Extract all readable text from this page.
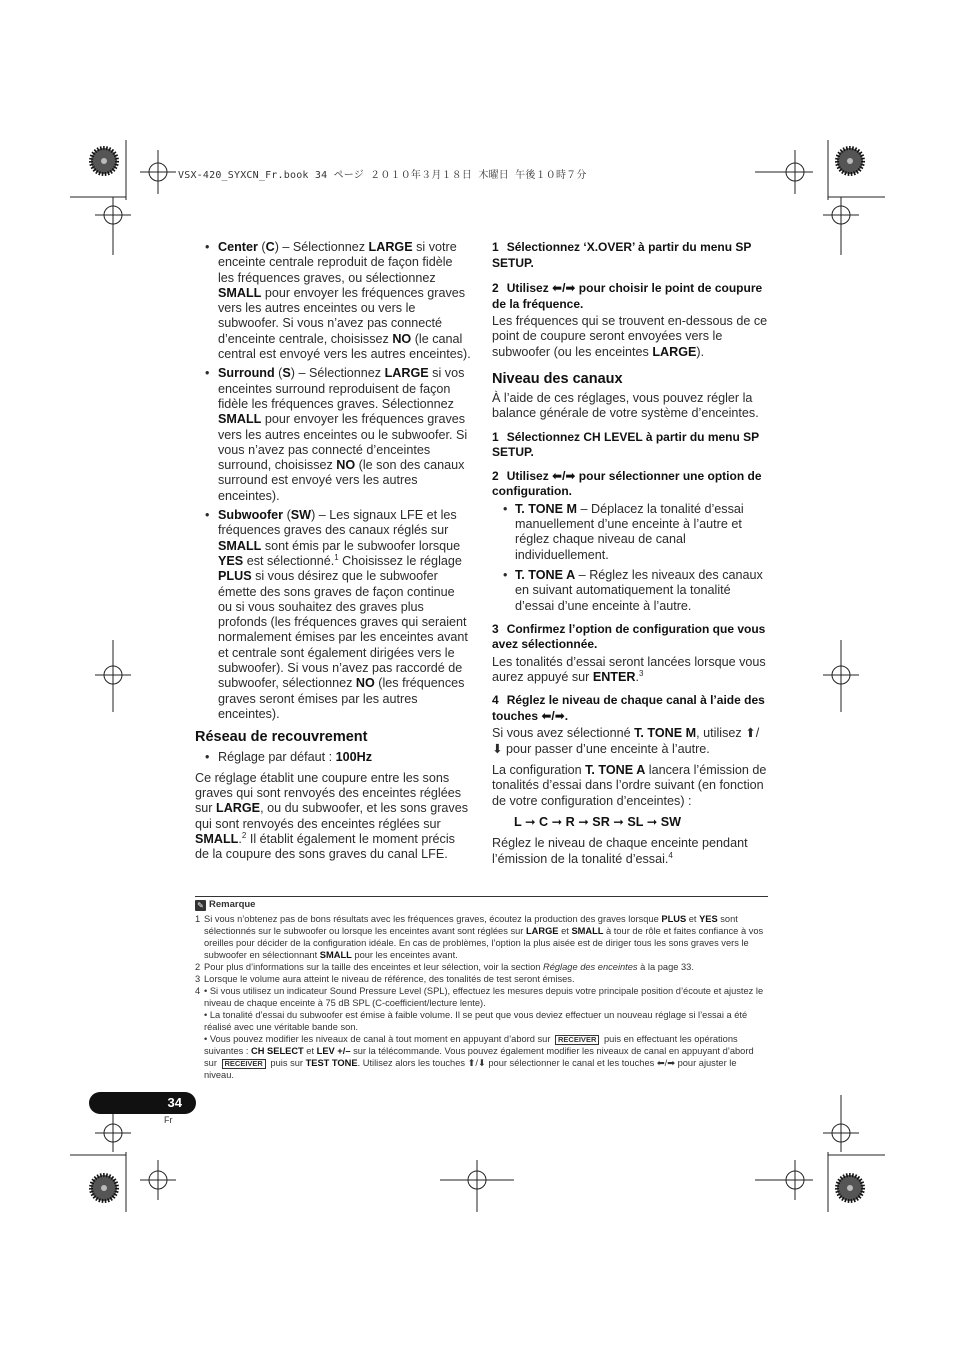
VSX-420_SYXCN_Fr.book 34 ページ ２０１０年３月１８日 木曜日 午後１０時７分
• Center (C) – Sélectionnez LARGE si votre enceinte centrale reproduit de façon fidèle les fréquences graves, ou sélectionnez SMALL pour envoyer les fréquences graves vers les autres enceintes ou vers le subwoofer. Si vous n’avez pas connecté d’enceinte centrale, choisissez NO (le canal central est envoyé vers les autres enceintes).
• Surround (S) – Sélectionnez LARGE si vos enceintes surround reproduisent de façon fidèle les fréquences graves. Sélectionnez SMALL pour envoyer les fréquences graves vers les autres enceintes ou le subwoofer. Si vous n’avez pas connecté d’enceintes surround, choisissez NO (le son des canaux surround est envoyé vers les autres enceintes).
• Subwoofer (SW) – Les signaux LFE et les fréquences graves des canaux réglés sur SMALL sont émis par le subwoofer lorsque YES est sélectionné.$^1$ Choisissez le réglage PLUS si vous désirez que le subwoofer émette des sons graves de façon continue ou si vous souhaitez des graves plus profonds (les fréquences graves qui seraient normalement émises par les enceintes avant et centrale sont également dirigées vers le subwoofer). Si vous n’avez pas raccordé de subwoofer, sélectionnez NO (les fréquences graves seront émises par les autres enceintes).
Réseau de recouvrement
• Réglage par défaut : 100Hz

Ce réglage établit une coupure entre les sons graves qui sont renvoyés des enceintes réglées sur LARGE, ou du subwoofer, et les sons graves qui sont renvoyés des enceintes réglées sur SMALL.$^2$ Il établit également le moment précis de la coupure des sons graves du canal LFE.

1 Sélectionnez ‘X.OVER’ à partir du menu SP SETUP.
2 Utilisez ⬅/➡ pour choisir le point de coupure de la fréquence.

Les fréquences qui se trouvent en-dessous de ce point de coupure seront envoyées vers le subwoofer (ou les enceintes LARGE).

Niveau des canaux

À l’aide de ces réglages, vous pouvez régler la balance générale de votre système d’enceintes.

1 Sélectionnez CH LEVEL à partir du menu SP SETUP.
2 Utilisez ⬅/➡ pour sélectionner une option de configuration.
• T. TONE M – Déplacez la tonalité d’essai manuellement d’une enceinte à l’autre et réglez chaque niveau de canal individuellement.
• T. TONE A – Réglez les niveaux des canaux en suivant automatiquement la tonalité d’essai d’une enceinte à l’autre.
3 Confirmez l’option de configuration que vous avez sélectionnée.

Les tonalités d’essai seront lancées lorsque vous aurez appuyé sur ENTER.$^3$

4 Réglez le niveau de chaque canal à l’aide des touches ⬅/➡.

Si vous avez sélectionné T. TONE M, utilisez ⬆/⬇ pour passer d’une enceinte à l’autre.

La configuration T. TONE A lancera l’émission de tonalités d’essai dans l’ordre suivant (en fonction de votre configuration d’enceintes) :

L ➞ C ➞ R ➞ SR ➞ SL ➞ SW

Réglez le niveau de chaque enceinte pendant l’émission de la tonalité d’essai.$^4$

✎ Remarque

1 Si vous n’obtenez pas de bons résultats avec les fréquences graves, écoutez la production des graves lorsque PLUS et YES sont sélectionnés sur le subwoofer ou lorsque les enceintes avant sont réglées sur LARGE et SMALL à tour de rôle et faites confiance à vos oreilles pour décider de la configuration idéale. En cas de problèmes, l’option la plus aisée est de diriger tous les sons graves vers le subwoofer en sélectionnant SMALL pour les enceintes avant.

2 Pour plus d’informations sur la taille des enceintes et leur sélection, voir la section Réglage des enceintes à la page 33.

3 Lorsque le volume aura atteint le niveau de référence, des tonalités de test seront émises.

4 • Si vous utilisez un indicateur Sound Pressure Level (SPL), effectuez les mesures depuis votre principale position d’écoute et ajustez le niveau de chaque enceinte à 75 dB SPL (C-coefficient/lecture lente).

• La tonalité d’essai du subwoofer est émise à faible volume. Il se peut que vous deviez effectuer un nouveau réglage si l’essai a été réalisé avec une véritable bande son.

• Vous pouvez modifier les niveaux de canal à tout moment en appuyant d’abord sur RECEIVER puis en effectuant les opérations suivantes : CH SELECT et LEV +/– sur la télécommande. Vous pouvez également modifier les niveaux de canal en appuyant d’abord sur RECEIVER puis sur TEST TONE. Utilisez alors les touches ⬆/⬇ pour sélectionner le canal et les touches ⬅/➡ pour ajuster le niveau.

34
Fr
